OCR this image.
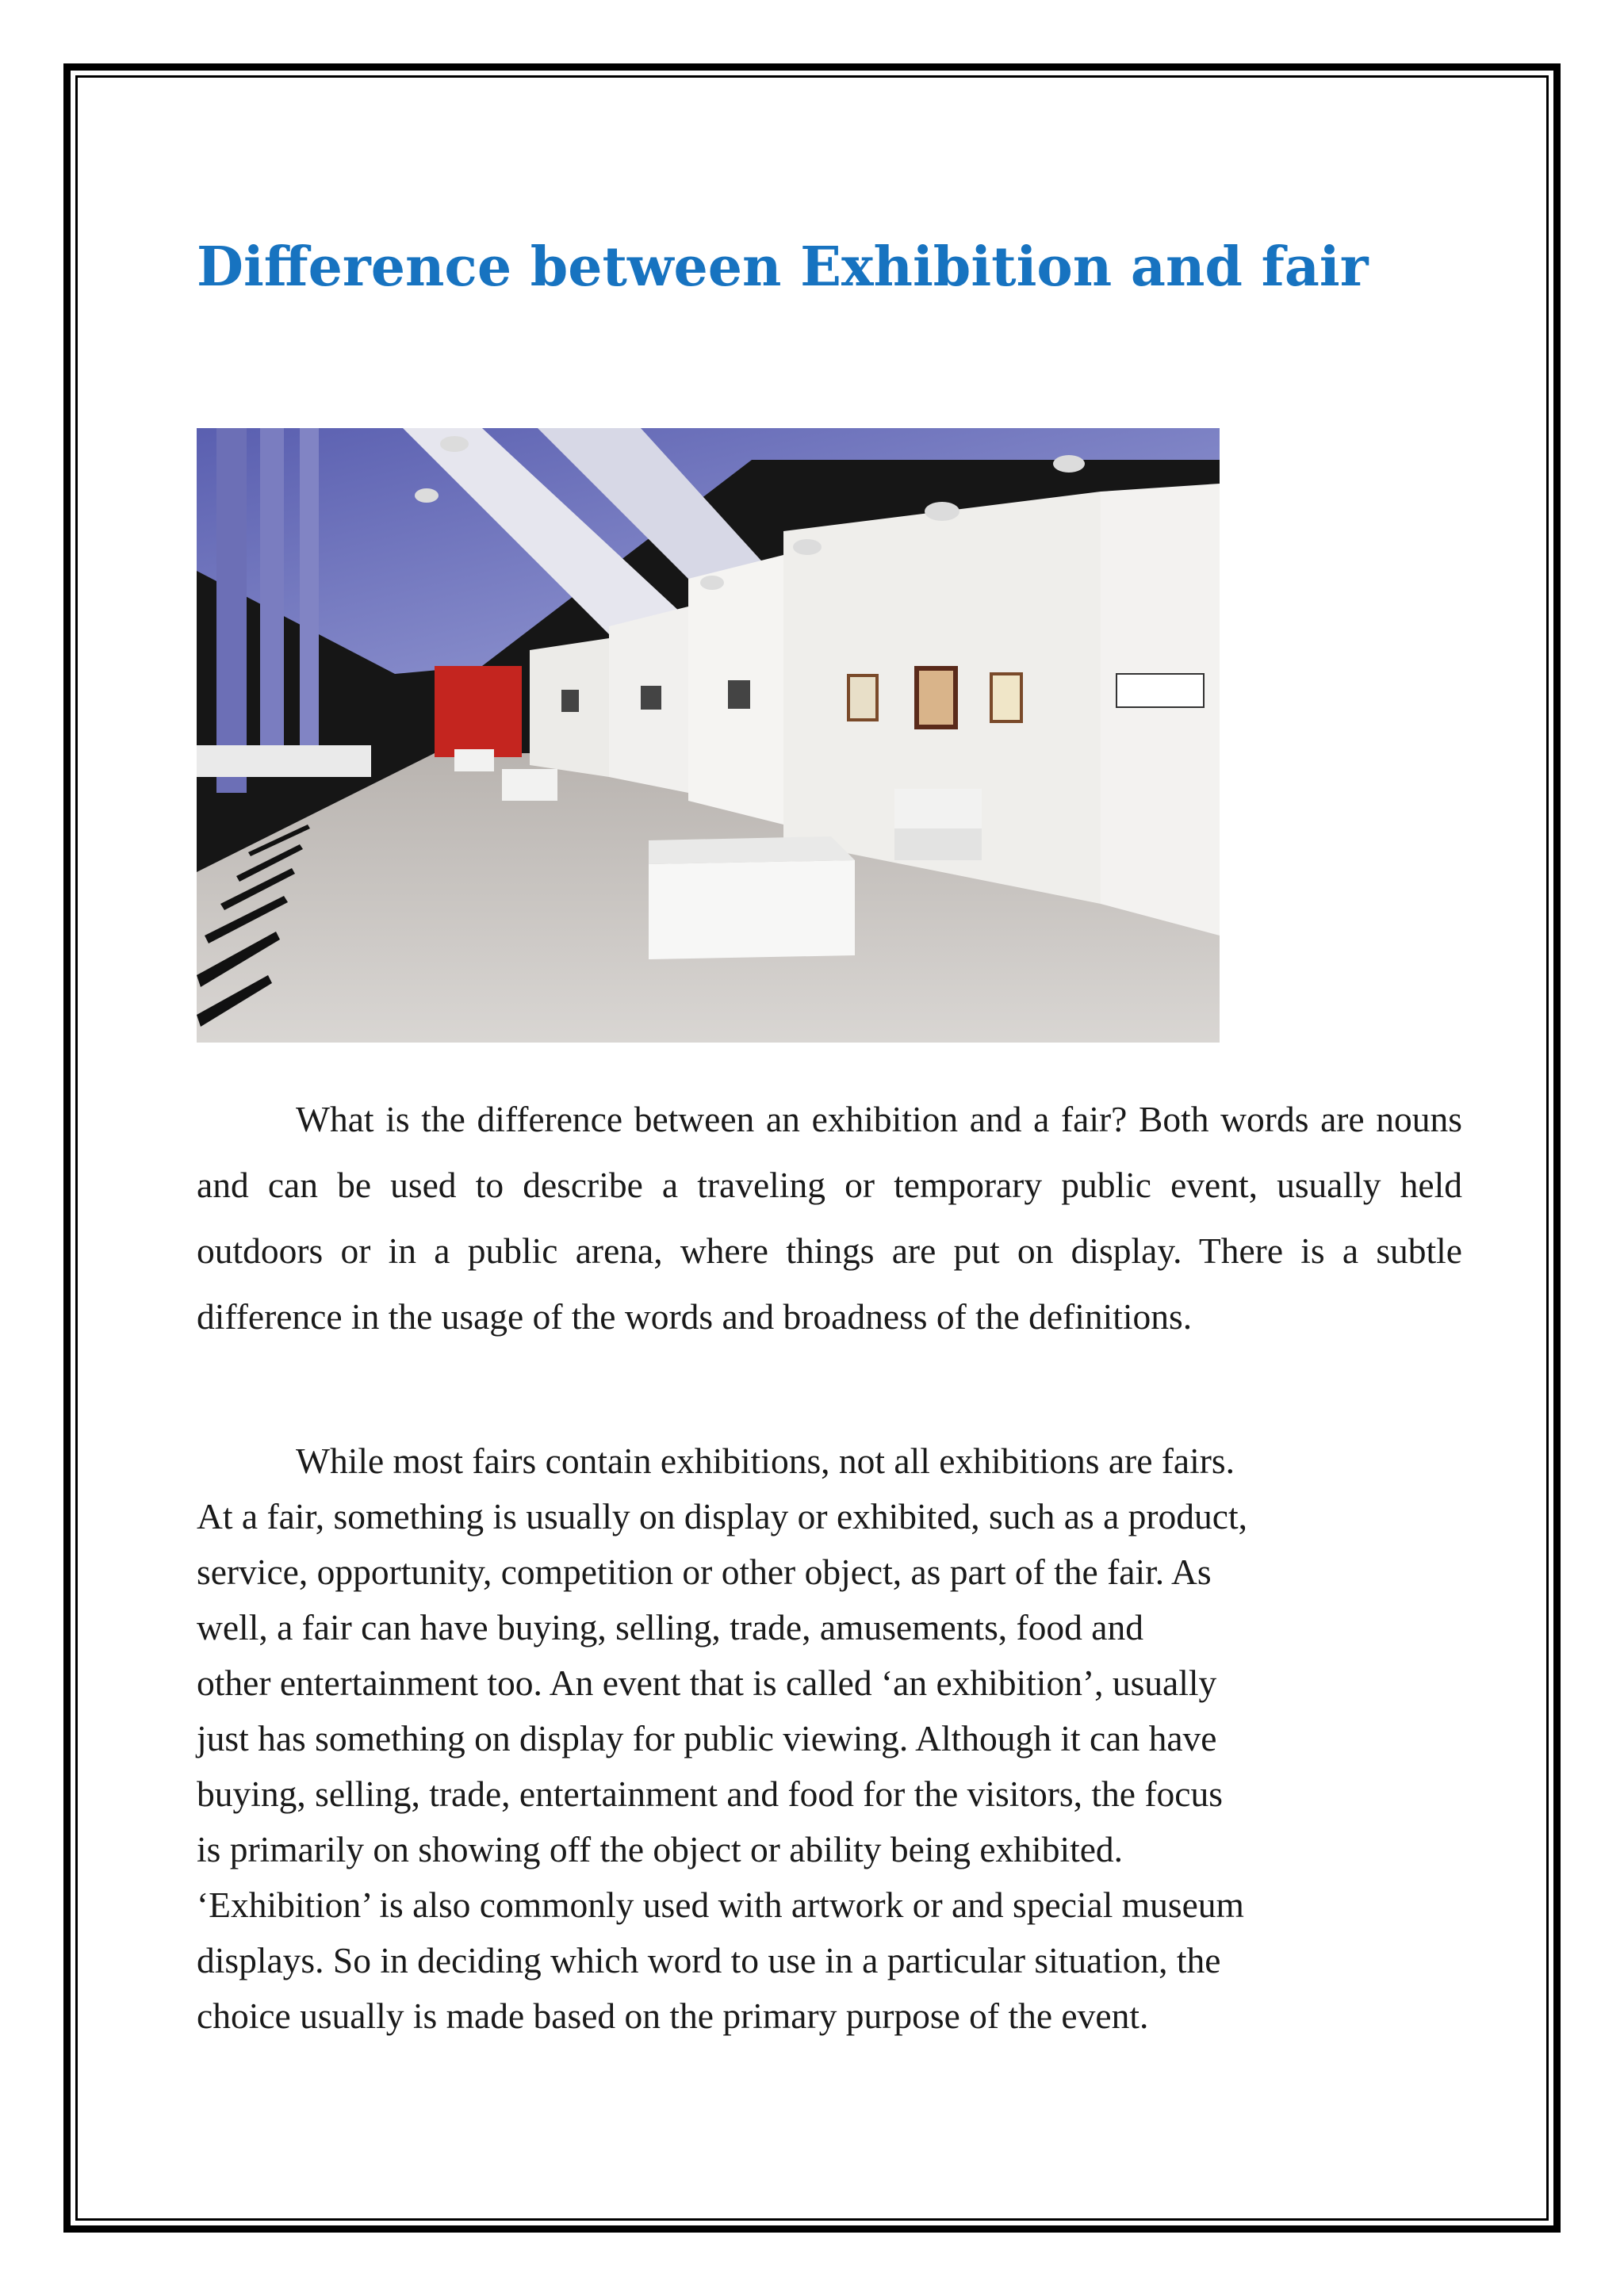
Difference between Exhibition and fair

What is the difference between an exhibition and a fair? Both words are nouns and can be used to describe a traveling or temporary public event, usually held outdoors or in a public arena, where things are put on display. There is a subtle difference in the usage of the words and broadness of the definitions.

While most fairs contain exhibitions, not all exhibitions are fairs.
At a fair, something is usually on display or exhibited, such as a product,
service, opportunity, competition or other object, as part of the fair. As
well, a fair can have buying, selling, trade, amusements, food and
other entertainment too. An event that is called ‘an exhibition’, usually
just has something on display for public viewing. Although it can have
buying, selling, trade, entertainment and food for the visitors, the focus
is primarily on showing off the object or ability being exhibited.
‘Exhibition’ is also commonly used with artwork or and special museum
displays. So in deciding which word to use in a particular situation, the
choice usually is made based on the primary purpose of the event.
